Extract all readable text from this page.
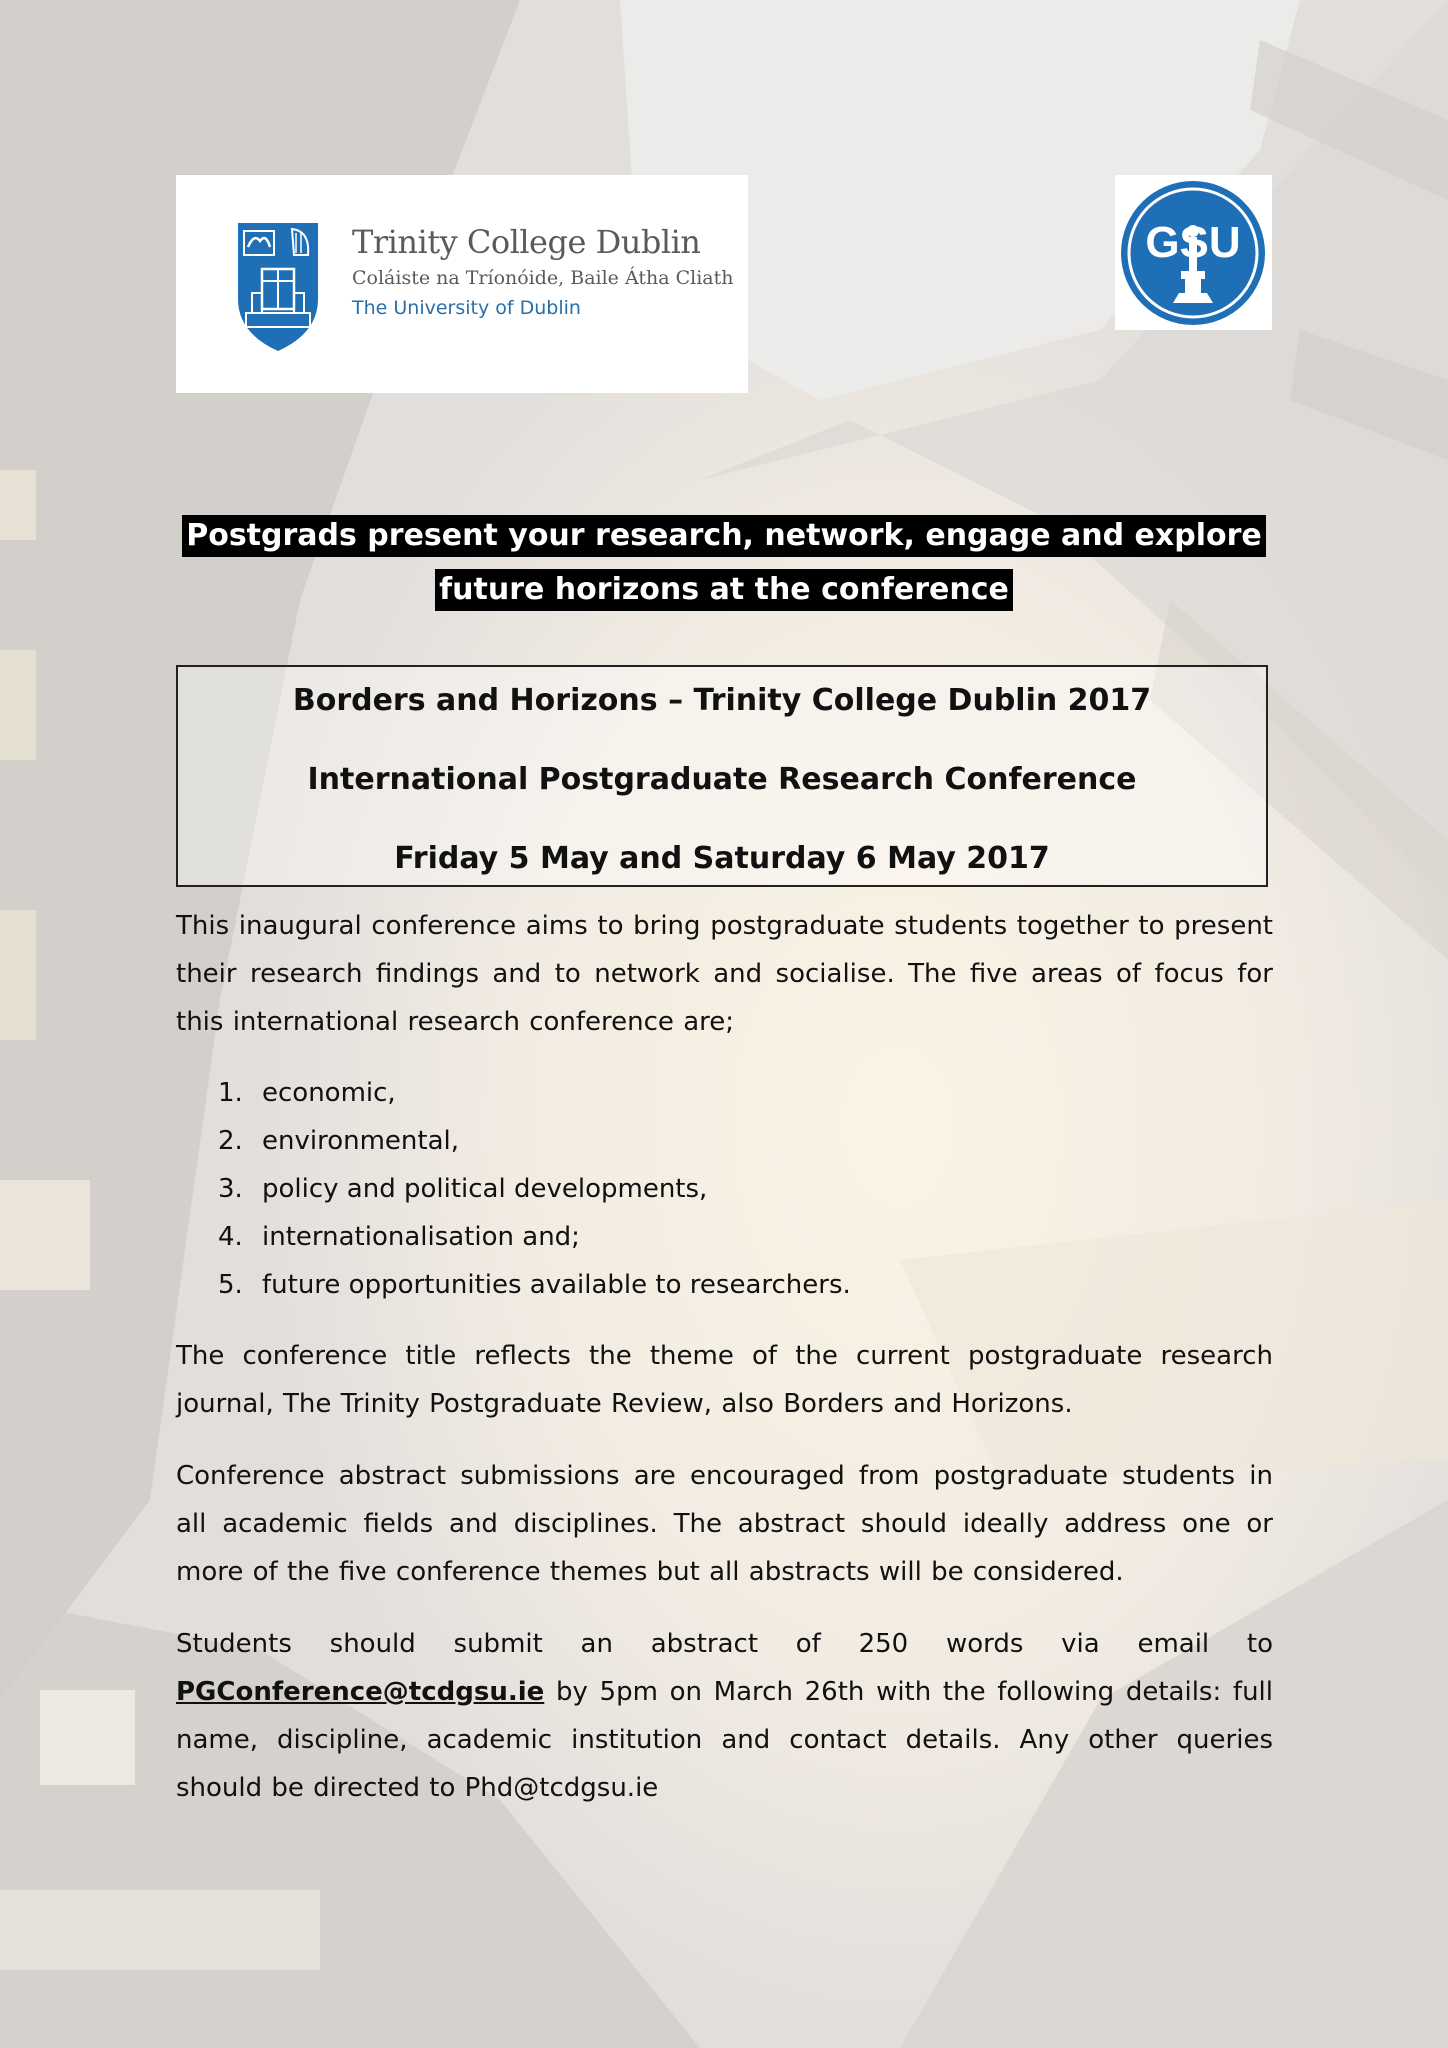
Trinity College Dublin
Coláiste na Tríonóide, Baile Átha Cliath
The University of Dublin
GSU
Postgrads present your research, network, engage and explore
future horizons at the conference
Borders and Horizons – Trinity College Dublin 2017
International Postgraduate Research Conference
Friday 5 May and Saturday 6 May 2017

This inaugural conference aims to bring postgraduate students together to present their research findings and to network and socialise. The five areas of focus for this international research conference are;

1. economic,
2. environmental,
3. policy and political developments,
4. internationalisation and;
5. future opportunities available to researchers.

The conference title reflects the theme of the current postgraduate research journal, The Trinity Postgraduate Review, also Borders and Horizons.

Conference abstract submissions are encouraged from postgraduate students in all academic fields and disciplines. The abstract should ideally address one or more of the five conference themes but all abstracts will be considered.

Students should submit an abstract of 250 words via email to PGConference@tcdgsu.ie by 5pm on March 26th with the following details: full name, discipline, academic institution and contact details. Any other queries should be directed to Phd@tcdgsu.ie
